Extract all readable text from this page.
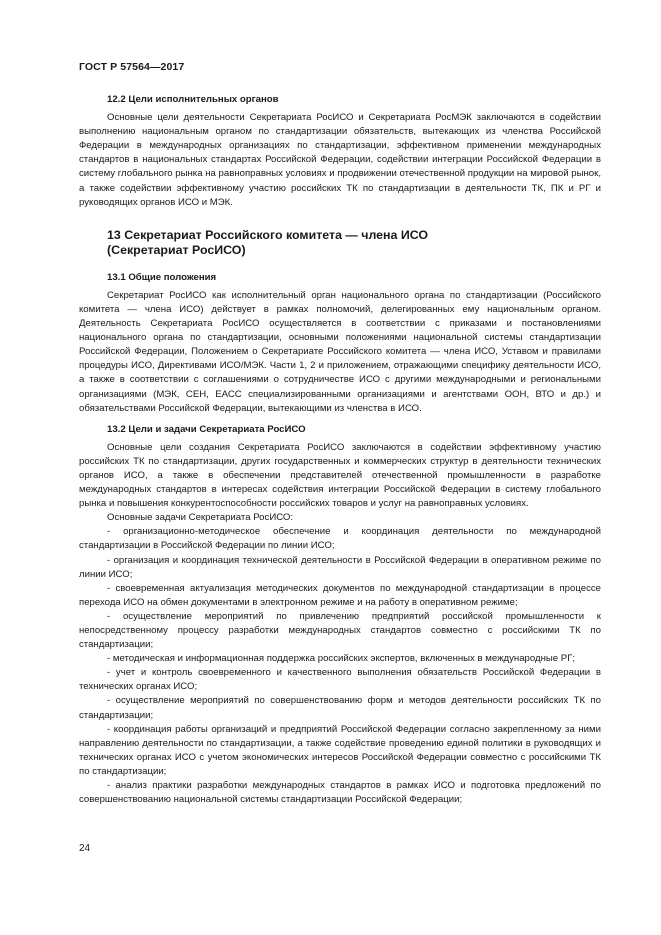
ГОСТ Р 57564—2017
12.2 Цели исполнительных органов

Основные цели деятельности Секретариата РосИСО и Секретариата РосМЭК заключаются в содействии выполнению национальным органом по стандартизации обязательств, вытекающих из членства Российской Федерации в международных организациях по стандартизации, эффективном применении международных стандартов в национальных стандартах Российской Федерации, содействии интеграции Российской Федерации в систему глобального рынка на равноправных условиях и продвижении отечественной продукции на мировой рынок, а также содействии эффективному участию российских ТК по стандартизации в деятельности ТК, ПК и РГ и руководящих органов ИСО и МЭК.

13 Секретариат Российского комитета — члена ИСО
(Секретариат РосИСО)
13.1 Общие положения

Секретариат РосИСО как исполнительный орган национального органа по стандартизации (Российского комитета — члена ИСО) действует в рамках полномочий, делегированных ему национальным органом. Деятельность Секретариата РосИСО осуществляется в соответствии с приказами и постановлениями национального органа по стандартизации, основными положениями национальной системы стандартизации Российской Федерации, Положением о Секретариате Российского комитета — члена ИСО, Уставом и правилами процедуры ИСО, Директивами ИСО/МЭК. Части 1, 2 и приложением, отражающими специфику деятельности ИСО, а также в соответствии с соглашениями о сотрудничестве ИСО с другими международными и региональными организациями (МЭК, СЕН, ЕАСС специализированными организациями и агентствами ООН, ВТО и др.) и обязательствами Российской Федерации, вытекающими из членства в ИСО.

13.2 Цели и задачи Секретариата РосИСО

Основные цели создания Секретариата РосИСО заключаются в содействии эффективному участию российских ТК по стандартизации, других государственных и коммерческих структур в деятельности технических органов ИСО, а также в обеспечении представителей отечественной промышленности в разработке международных стандартов в интересах содействия интеграции Российской Федерации в систему глобального рынка и повышения конкурентоспособности российских товаров и услуг на равноправных условиях.

Основные задачи Секретариата РосИСО:

- организационно-методическое обеспечение и координация деятельности по международной стандартизации в Российской Федерации по линии ИСО;

- организация и координация технической деятельности в Российской Федерации в оперативном режиме по линии ИСО;

- своевременная актуализация методических документов по международной стандартизации в процессе перехода ИСО на обмен документами в электронном режиме и на работу в оперативном режиме;

- осуществление мероприятий по привлечению предприятий российской промышленности к непосредственному процессу разработки международных стандартов совместно с российскими ТК по стандартизации;

- методическая и информационная поддержка российских экспертов, включенных в международные РГ;

- учет и контроль своевременного и качественного выполнения обязательств Российской Федерации в технических органах ИСО;

- осуществление мероприятий по совершенствованию форм и методов деятельности российских ТК по стандартизации;

- координация работы организаций и предприятий Российской Федерации согласно закрепленному за ними направлению деятельности по стандартизации, а также содействие проведению единой политики в руководящих и технических органах ИСО с учетом экономических интересов Российской Федерации совместно с российскими ТК по стандартизации;

- анализ практики разработки международных стандартов в рамках ИСО и подготовка предложений по совершенствованию национальной системы стандартизации Российской Федерации;

24
